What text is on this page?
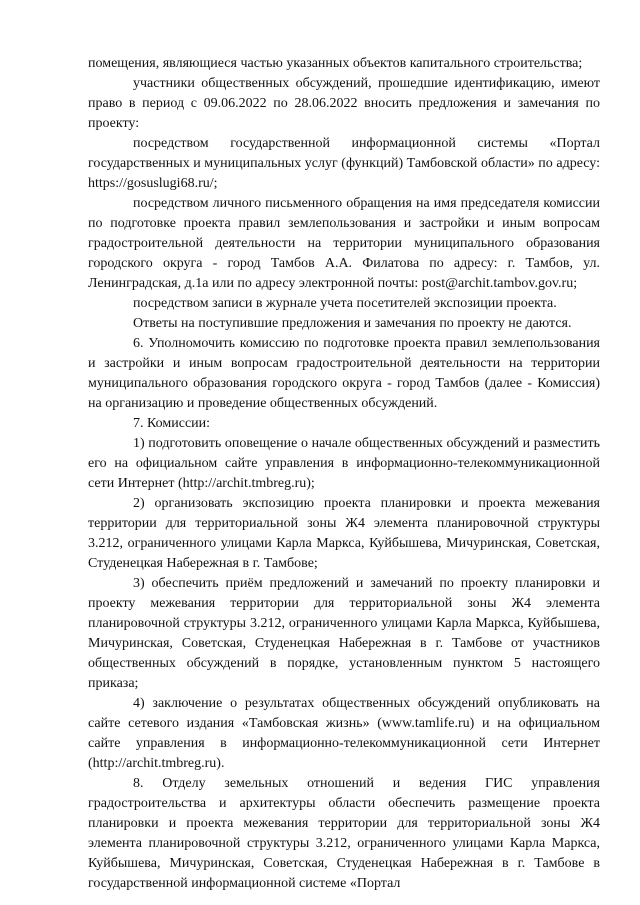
помещения, являющиеся частью указанных объектов капитального строительства;

участники общественных обсуждений, прошедшие идентификацию, имеют право в период с 09.06.2022 по 28.06.2022 вносить предложения и замечания по проекту:

посредством государственной информационной системы «Портал государственных и муниципальных услуг (функций) Тамбовской области» по адресу: https://gosuslugi68.ru/;

посредством личного письменного обращения на имя председателя комиссии по подготовке проекта правил землепользования и застройки и иным вопросам градостроительной деятельности на территории муниципального образования городского округа - город Тамбов А.А. Филатова по адресу: г. Тамбов, ул. Ленинградская, д.1а или по адресу электронной почты: post@archit.tambov.gov.ru;

посредством записи в журнале учета посетителей экспозиции проекта.

Ответы на поступившие предложения и замечания по проекту не даются.

6. Уполномочить комиссию по подготовке проекта правил землепользования и застройки и иным вопросам градостроительной деятельности на территории муниципального образования городского округа - город Тамбов (далее - Комиссия) на организацию и проведение общественных обсуждений.

7. Комиссии:

1) подготовить оповещение о начале общественных обсуждений и разместить его на официальном сайте управления в информационно-телекоммуникационной сети Интернет (http://archit.tmbreg.ru);

2) организовать экспозицию проекта планировки и проекта межевания территории для территориальной зоны Ж4 элемента планировочной структуры 3.212, ограниченного улицами Карла Маркса, Куйбышева, Мичуринская, Советская, Студенецкая Набережная в г. Тамбове;

3) обеспечить приём предложений и замечаний по проекту планировки и проекту межевания территории для территориальной зоны Ж4 элемента планировочной структуры 3.212, ограниченного улицами Карла Маркса, Куйбышева, Мичуринская, Советская, Студенецкая Набережная в г. Тамбове от участников общественных обсуждений в порядке, установленным пунктом 5 настоящего приказа;

4) заключение о результатах общественных обсуждений опубликовать на сайте сетевого издания «Тамбовская жизнь» (www.tamlife.ru) и на официальном сайте управления в информационно-телекоммуникационной сети Интернет (http://archit.tmbreg.ru).

8. Отделу земельных отношений и ведения ГИС управления градостроительства и архитектуры области обеспечить размещение проекта планировки и проекта межевания территории для территориальной зоны Ж4 элемента планировочной структуры 3.212, ограниченного улицами Карла Маркса, Куйбышева, Мичуринская, Советская, Студенецкая Набережная в г. Тамбове в государственной информационной системе «Портал
